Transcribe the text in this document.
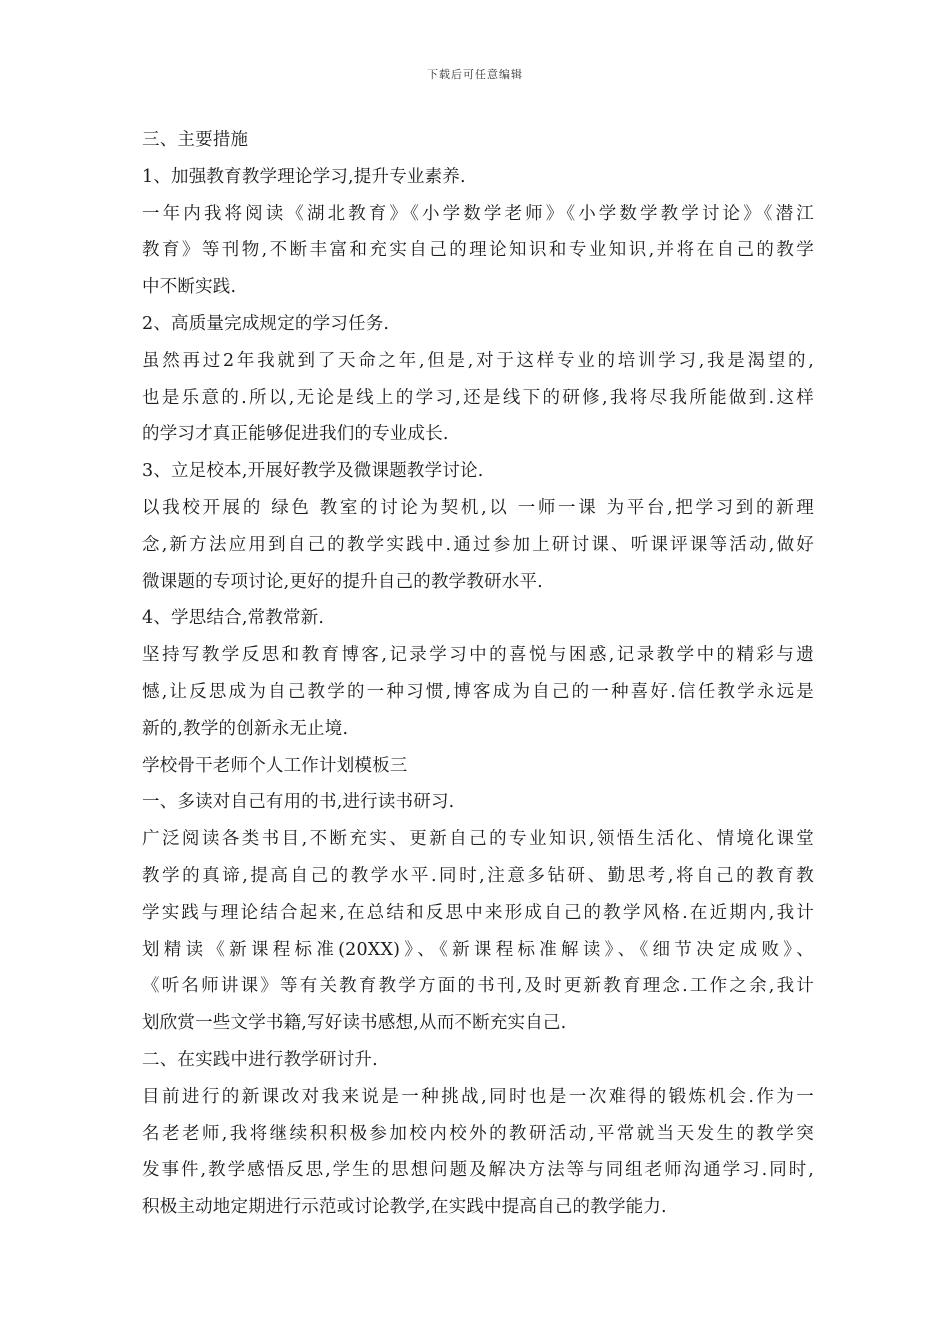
下载后可任意编辑
三、主要措施
1、加强教育教学理论学习,提升专业素养.
一年内我将阅读《湖北教育》《小学数学老师》《小学数学教学讨论》《潜江
教育》等刊物,不断丰富和充实自己的理论知识和专业知识,并将在自己的教学
中不断实践.
2、高质量完成规定的学习任务.
虽然再过2年我就到了天命之年,但是,对于这样专业的培训学习,我是渴望的,
也是乐意的.所以,无论是线上的学习,还是线下的研修,我将尽我所能做到.这样
的学习才真正能够促进我们的专业成长.
3、立足校本,开展好教学及微课题教学讨论.
以我校开展的 绿色 教室的讨论为契机,以 一师一课 为平台,把学习到的新理
念,新方法应用到自己的教学实践中.通过参加上研讨课、听课评课等活动,做好
微课题的专项讨论,更好的提升自己的教学教研水平.
4、学思结合,常教常新.
坚持写教学反思和教育博客,记录学习中的喜悦与困惑,记录教学中的精彩与遗
憾,让反思成为自己教学的一种习惯,博客成为自己的一种喜好.信任教学永远是
新的,教学的创新永无止境.
学校骨干老师个人工作计划模板三
一、多读对自己有用的书,进行读书研习.
广泛阅读各类书目,不断充实、更新自己的专业知识,领悟生活化、情境化课堂
教学的真谛,提高自己的教学水平.同时,注意多钻研、勤思考,将自己的教育教
学实践与理论结合起来,在总结和反思中来形成自己的教学风格.在近期内,我计
划精读《新课程标准(20XX)》、《新课程标准解读》、《细节决定成败》、
《听名师讲课》等有关教育教学方面的书刊,及时更新教育理念.工作之余,我计
划欣赏一些文学书籍,写好读书感想,从而不断充实自己.
二、在实践中进行教学研讨升.
目前进行的新课改对我来说是一种挑战,同时也是一次难得的锻炼机会.作为一
名老老师,我将继续积积极参加校内校外的教研活动,平常就当天发生的教学突
发事件,教学感悟反思,学生的思想问题及解决方法等与同组老师沟通学习.同时,
积极主动地定期进行示范或讨论教学,在实践中提高自己的教学能力.
